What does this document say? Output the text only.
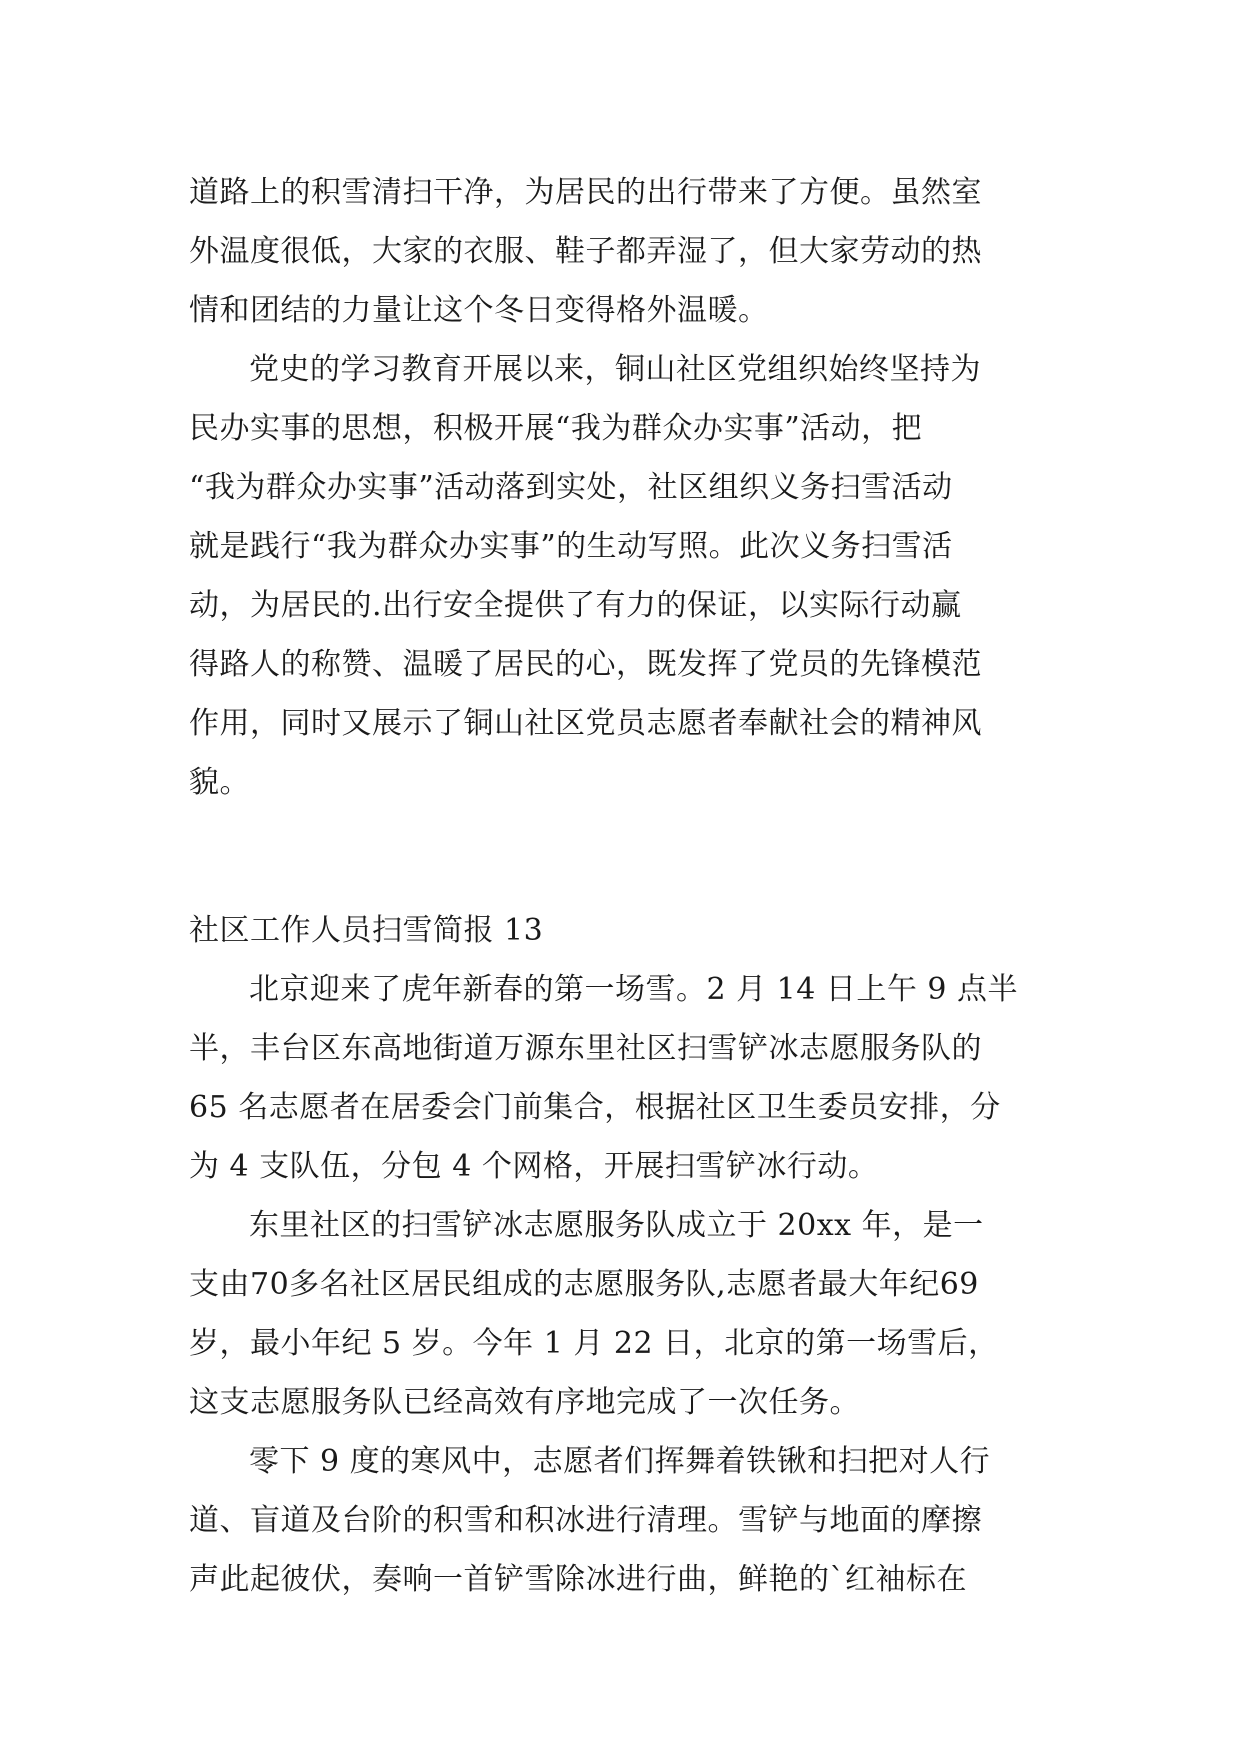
道路上的积雪清扫干净，为居民的出行带来了方便。虽然室
外温度很低，大家的衣服、鞋子都弄湿了，但大家劳动的热
情和团结的力量让这个冬日变得格外温暖。
党史的学习教育开展以来，铜山社区党组织始终坚持为
民办实事的思想，积极开展“我为群众办实事”活动，把
“我为群众办实事”活动落到实处，社区组织义务扫雪活动
就是践行“我为群众办实事”的生动写照。此次义务扫雪活
动，为居民的.出行安全提供了有力的保证，以实际行动赢
得路人的称赞、温暖了居民的心，既发挥了党员的先锋模范
作用，同时又展示了铜山社区党员志愿者奉献社会的精神风
貌。
社区工作人员扫雪简报 13
北京迎来了虎年新春的第一场雪。2 月 14 日上午 9 点半
半，丰台区东高地街道万源东里社区扫雪铲冰志愿服务队的
65 名志愿者在居委会门前集合，根据社区卫生委员安排，分
为 4 支队伍，分包 4 个网格，开展扫雪铲冰行动。
东里社区的扫雪铲冰志愿服务队成立于 20xx 年，是一
支由70多名社区居民组成的志愿服务队,志愿者最大年纪69
岁，最小年纪 5 岁。今年 1 月 22 日，北京的第一场雪后，
这支志愿服务队已经高效有序地完成了一次任务。
零下 9 度的寒风中，志愿者们挥舞着铁锹和扫把对人行
道、盲道及台阶的积雪和积冰进行清理。雪铲与地面的摩擦
声此起彼伏，奏响一首铲雪除冰进行曲，鲜艳的`红袖标在
